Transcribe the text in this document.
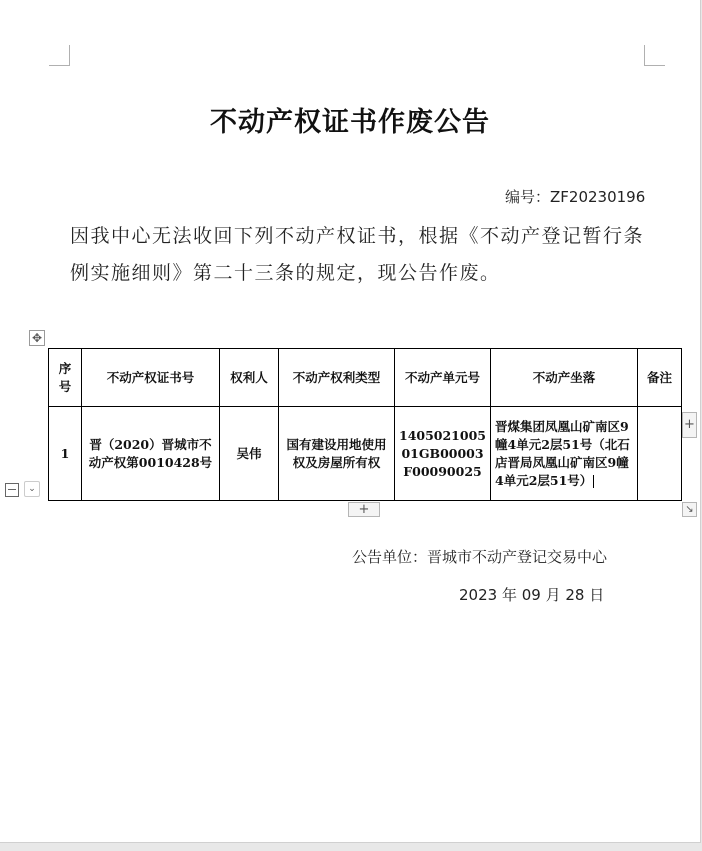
不动产权证书作废公告
编号：ZF20230196
因我中心无法收回下列不动产权证书，根据《不动产登记暂行条例实施细则》第二十三条的规定，现公告作废。
✥
序号	不动产权证书号	权利人	不动产权利类型	不动产单元号	不动产坐落	备注
1	晋（2020）晋城市不动产权第0010428号	吴伟	国有建设用地使用权及房屋所有权	140502100501GB00003F00090025	晋煤集团凤凰山矿南区9幢4单元2层51号（北石店晋局凤凰山矿南区9幢4单元2层51号）	
+
+	↘
⌄
公告单位：晋城市不动产登记交易中心
2023 年 09 月 28 日
